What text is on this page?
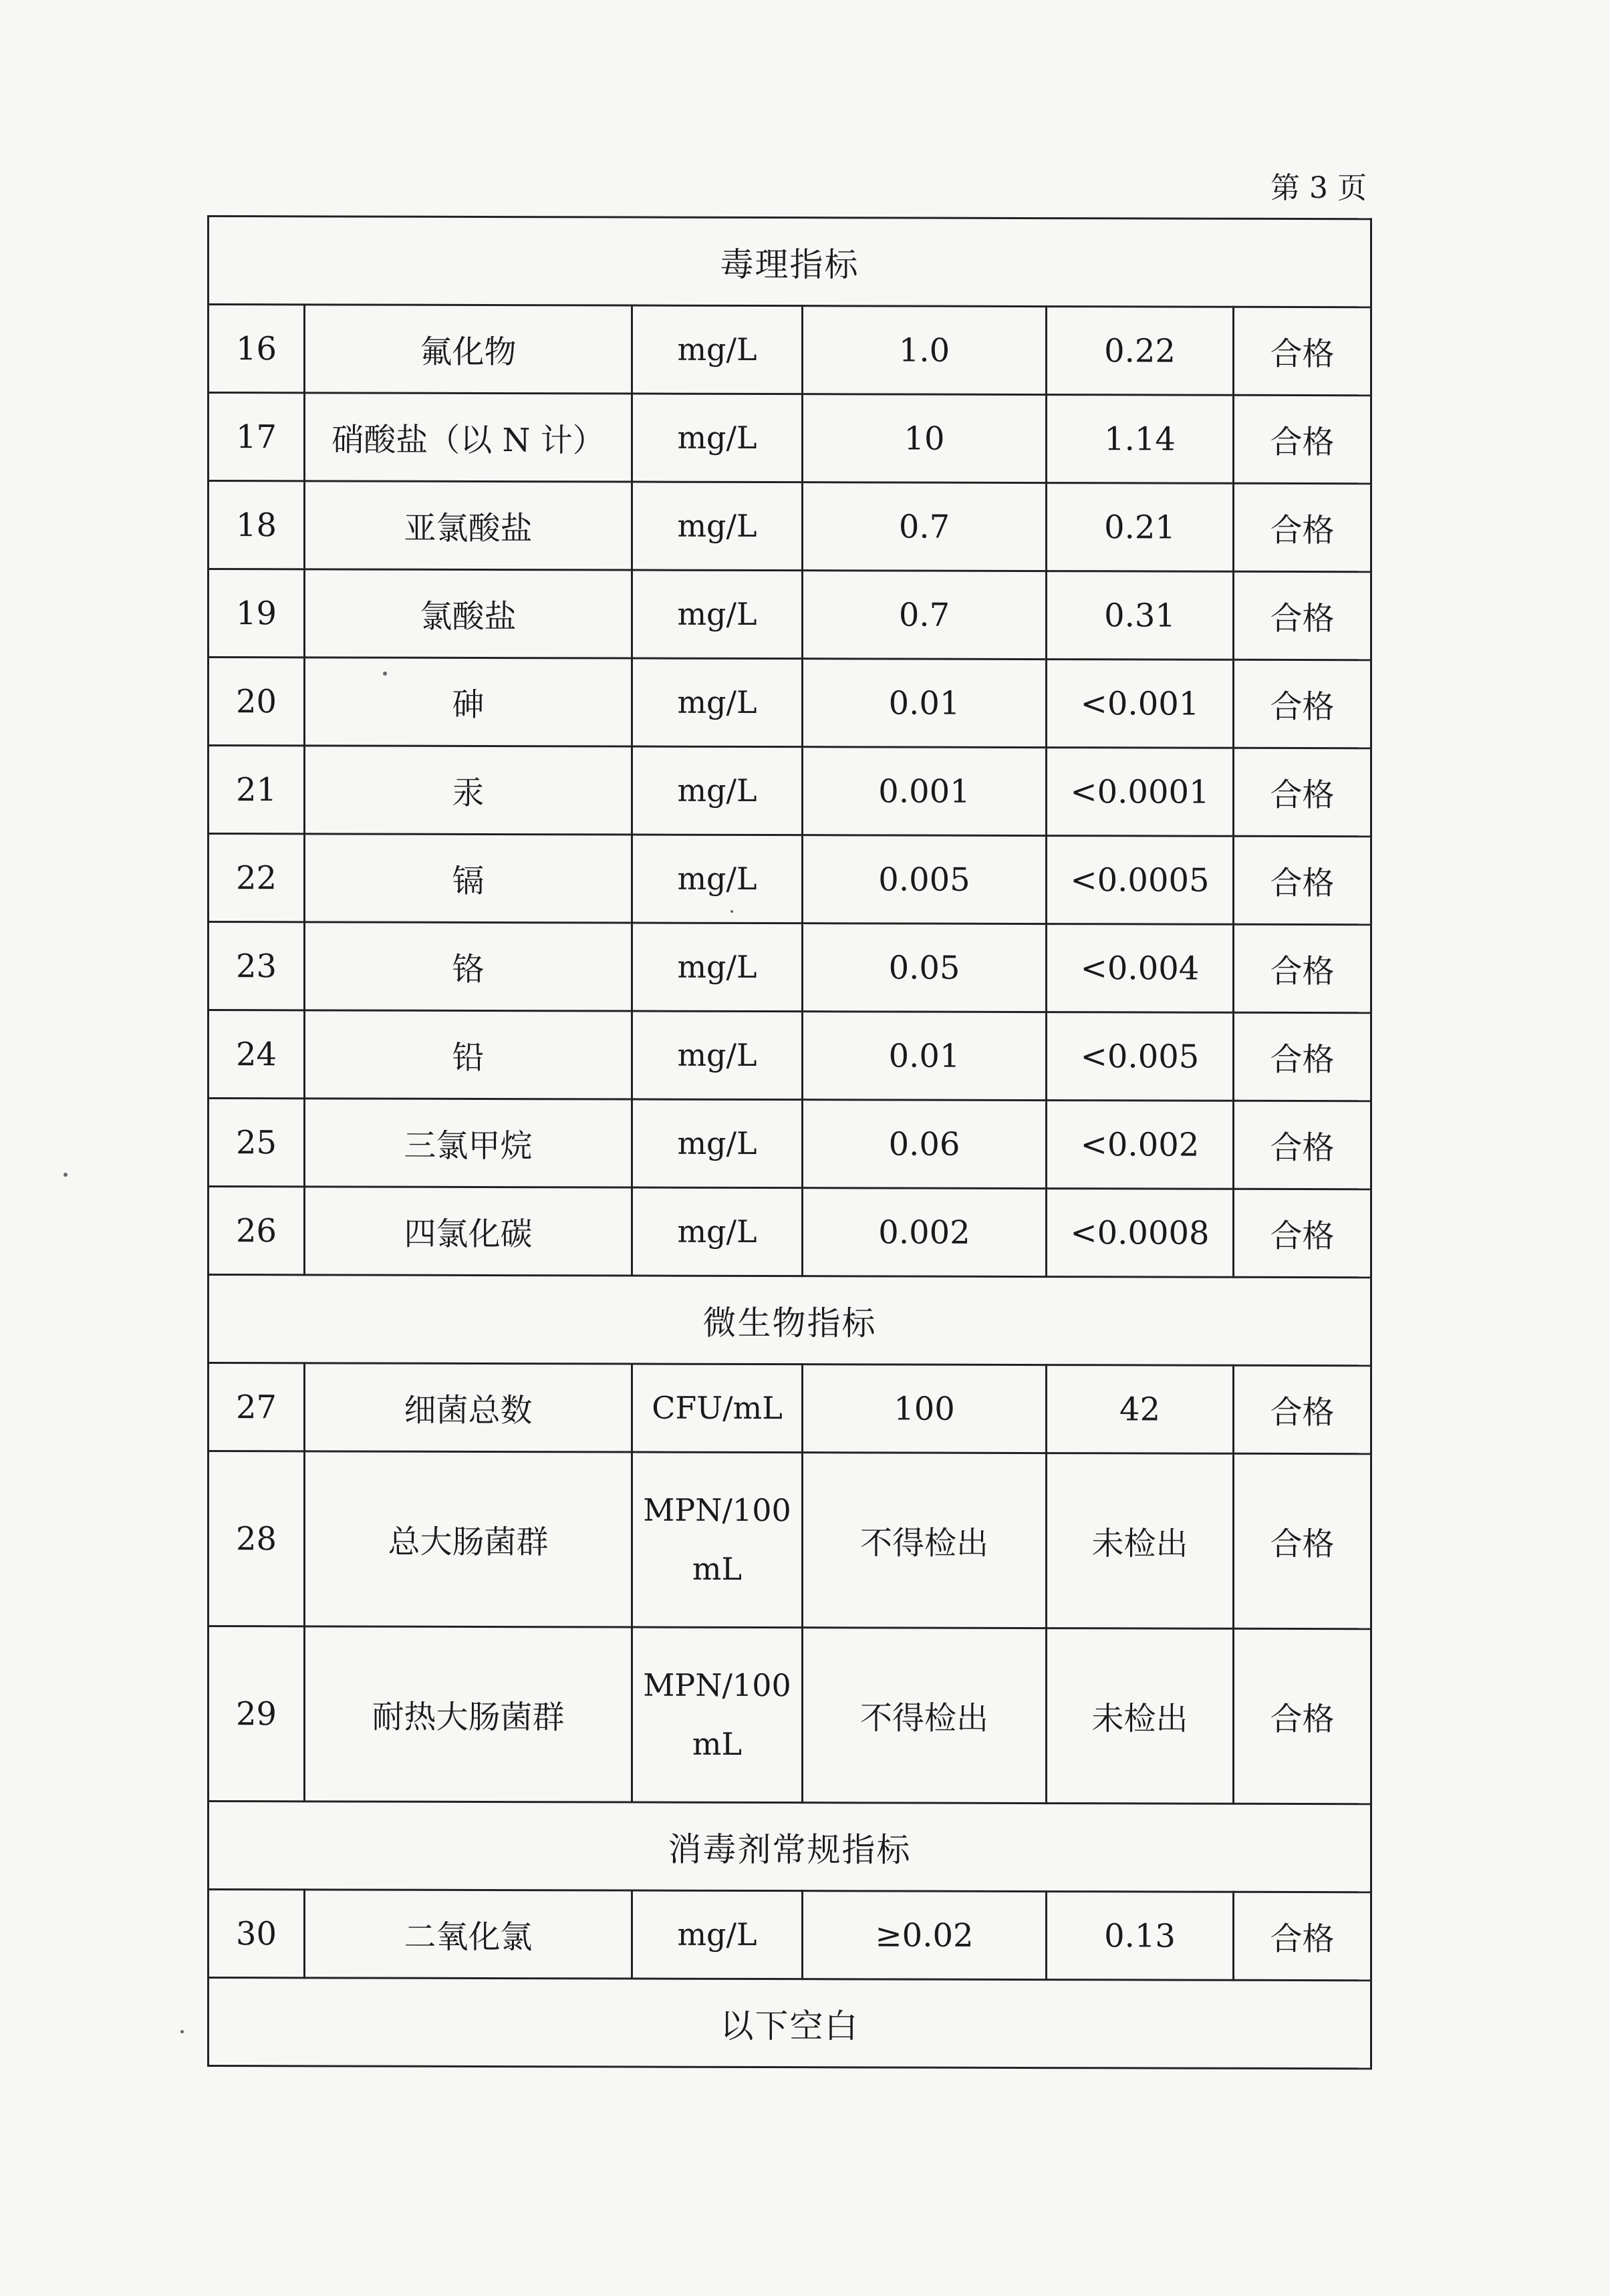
第 3 页
毒理指标					
16	氟化物	mg/L	1.0	0.22	合格
17	硝酸盐（以 N 计）	mg/L	10	1.14	合格
18	亚氯酸盐	mg/L	0.7	0.21	合格
19	氯酸盐	mg/L	0.7	0.31	合格
20	砷	mg/L	0.01	<0.001	合格
21	汞	mg/L	0.001	<0.0001	合格
22	镉	mg/L	0.005	<0.0005	合格
23	铬	mg/L	0.05	<0.004	合格
24	铅	mg/L	0.01	<0.005	合格
25	三氯甲烷	mg/L	0.06	<0.002	合格
26	四氯化碳	mg/L	0.002	<0.0008	合格
微生物指标					
27	细菌总数	CFU/mL	100	42	合格
28	总大肠菌群	MPN/100 mL	不得检出	未检出	合格
29	耐热大肠菌群	MPN/100 mL	不得检出	未检出	合格
消毒剂常规指标					
30	二氧化氯	mg/L	≥0.02	0.13	合格
以下空白					
